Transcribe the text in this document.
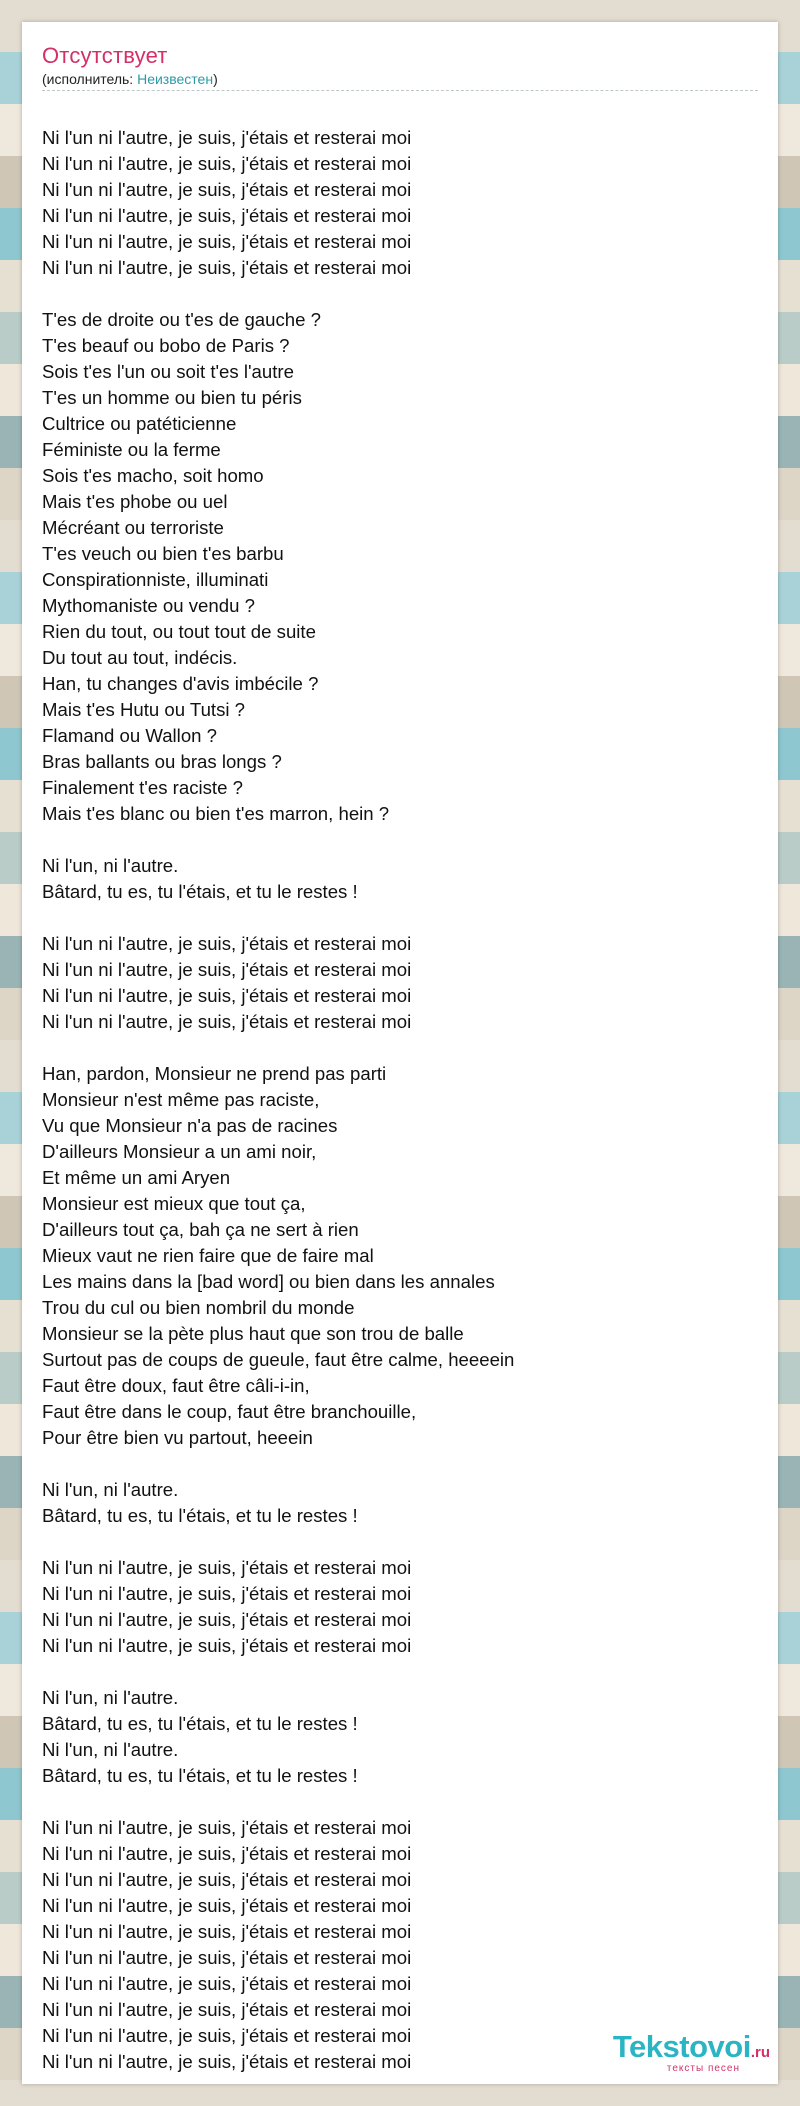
Отсутствует
(исполнитель: Неизвестен)
Ni l'un ni l'autre, je suis, j'étais et resterai moi
Ni l'un ni l'autre, je suis, j'étais et resterai moi
Ni l'un ni l'autre, je suis, j'étais et resterai moi
Ni l'un ni l'autre, je suis, j'étais et resterai moi
Ni l'un ni l'autre, je suis, j'étais et resterai moi
Ni l'un ni l'autre, je suis, j'étais et resterai moi
T'es de droite ou t'es de gauche ?
T'es beauf ou bobo de Paris ?
Sois t'es l'un ou soit t'es l'autre
T'es un homme ou bien tu péris
Cultrice ou patéticienne
Féministe ou la ferme
Sois t'es macho, soit homo
Mais t'es phobe ou uel
Mécréant ou terroriste
T'es veuch ou bien t'es barbu
Conspirationniste, illuminati
Mythomaniste ou vendu ?
Rien du tout, ou tout tout de suite
Du tout au tout, indécis.
Han, tu changes d'avis imbécile ?
Mais t'es Hutu ou Tutsi ?
Flamand ou Wallon ?
Bras ballants ou bras longs ?
Finalement t'es raciste ?
Mais t'es blanc ou bien t'es marron, hein ?
Ni l'un, ni l'autre.
Bâtard, tu es, tu l'étais, et tu le restes !
Ni l'un ni l'autre, je suis, j'étais et resterai moi
Ni l'un ni l'autre, je suis, j'étais et resterai moi
Ni l'un ni l'autre, je suis, j'étais et resterai moi
Ni l'un ni l'autre, je suis, j'étais et resterai moi
Han, pardon, Monsieur ne prend pas parti
Monsieur n'est même pas raciste,
Vu que Monsieur n'a pas de racines
D'ailleurs Monsieur a un ami noir,
Et même un ami Aryen
Monsieur est mieux que tout ça,
D'ailleurs tout ça, bah ça ne sert à rien
Mieux vaut ne rien faire que de faire mal
Les mains dans la [bad word] ou bien dans les annales
Trou du cul ou bien nombril du monde
Monsieur se la pète plus haut que son trou de balle
Surtout pas de coups de gueule, faut être calme, heeeein
Faut être doux, faut être câli-i-in,
Faut être dans le coup, faut être branchouille,
Pour être bien vu partout, heeein
Ni l'un, ni l'autre.
Bâtard, tu es, tu l'étais, et tu le restes !
Ni l'un ni l'autre, je suis, j'étais et resterai moi
Ni l'un ni l'autre, je suis, j'étais et resterai moi
Ni l'un ni l'autre, je suis, j'étais et resterai moi
Ni l'un ni l'autre, je suis, j'étais et resterai moi
Ni l'un, ni l'autre.
Bâtard, tu es, tu l'étais, et tu le restes !
Ni l'un, ni l'autre.
Bâtard, tu es, tu l'étais, et tu le restes !
Ni l'un ni l'autre, je suis, j'étais et resterai moi
Ni l'un ni l'autre, je suis, j'étais et resterai moi
Ni l'un ni l'autre, je suis, j'étais et resterai moi
Ni l'un ni l'autre, je suis, j'étais et resterai moi
Ni l'un ni l'autre, je suis, j'étais et resterai moi
Ni l'un ni l'autre, je suis, j'étais et resterai moi
Ni l'un ni l'autre, je suis, j'étais et resterai moi
Ni l'un ni l'autre, je suis, j'étais et resterai moi
Ni l'un ni l'autre, je suis, j'étais et resterai moi
Ni l'un ni l'autre, je suis, j'étais et resterai moi	Tekstovoi.ru
тексты песен
